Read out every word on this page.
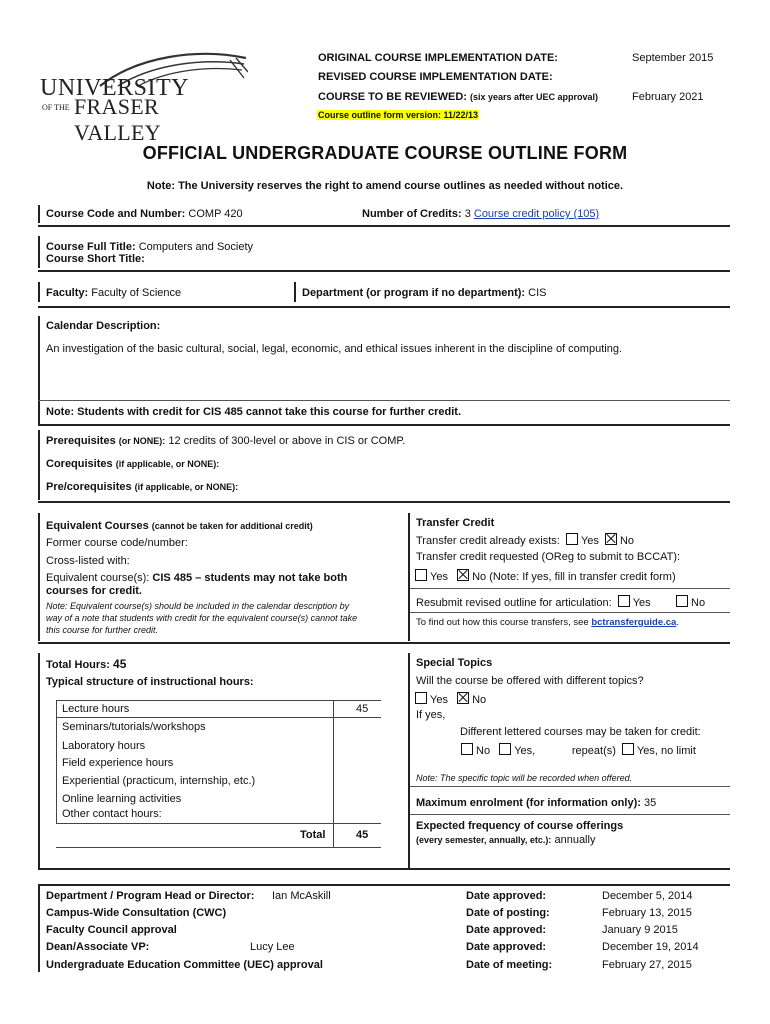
UNIVERSITY
OF THE FRASER VALLEY
ORIGINAL COURSE IMPLEMENTATION DATE:	September 2015
REVISED COURSE IMPLEMENTATION DATE:
COURSE TO BE REVIEWED: (six years after UEC approval)	February 2021
Course outline form version: 11/22/13
OFFICIAL UNDERGRADUATE COURSE OUTLINE FORM
Note: The University reserves the right to amend course outlines as needed without notice.
Course Code and Number: COMP 420	Number of Credits: 3 Course credit policy (105)
Course Full Title: Computers and Society
Course Short Title:
Faculty: Faculty of Science	Department (or program if no department): CIS
Calendar Description:
An investigation of the basic cultural, social, legal, economic, and ethical issues inherent in the discipline of computing.
Note: Students with credit for CIS 485 cannot take this course for further credit.
Prerequisites (or NONE): 12 credits of 300-level or above in CIS or COMP.
Corequisites (if applicable, or NONE):
Pre/corequisites (if applicable, or NONE):
Equivalent Courses (cannot be taken for additional credit)
Former course code/number:
Cross-listed with:
Equivalent course(s): CIS 485 – students may not take both
courses for credit.
Note: Equivalent course(s) should be included in the calendar description by
way of a note that students with credit for the equivalent course(s) cannot take
this course for further credit.
Transfer Credit
Transfer credit already exists: Yes No
Transfer credit requested (OReg to submit to BCCAT):
Yes No (Note: If yes, fill in transfer credit form)
Resubmit revised outline for articulation: Yes	No
To find out how this course transfers, see bctransferguide.ca.
Total Hours: 45
Typical structure of instructional hours:
Lecture hours	45
Seminars/tutorials/workshops
Laboratory hours
Field experience hours
Experiential (practicum, internship, etc.)
Online learning activities
Other contact hours:
Total	45
Special Topics
Will the course be offered with different topics?
Yes No
If yes,
Different lettered courses may be taken for credit:
No Yes,	repeat(s) Yes, no limit
Note: The specific topic will be recorded when offered.
Maximum enrolment (for information only): 35
Expected frequency of course offerings
(every semester, annually, etc.): annually
Department / Program Head or Director: Ian McAskill	Date approved:	December 5, 2014
Campus-Wide Consultation (CWC)	Date of posting:	February 13, 2015
Faculty Council approval	Date approved:	January 9 2015
Dean/Associate VP:	Lucy Lee	Date approved:	December 19, 2014
Undergraduate Education Committee (UEC) approval	Date of meeting:	February 27, 2015
